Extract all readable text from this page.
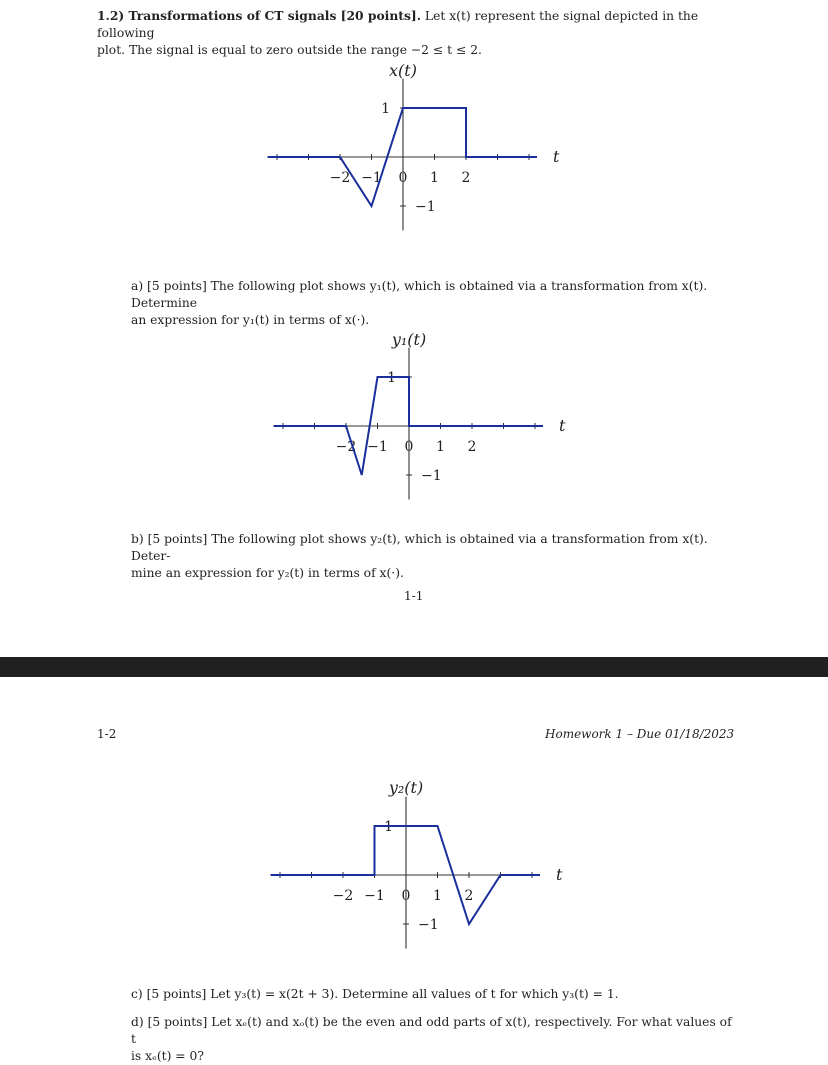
1.2) Transformations of CT signals [20 points]. Let x(t) represent the signal depicted in the following
plot. The signal is equal to zero outside the range −2 ≤ t ≤ 2.
a) [5 points] The following plot shows y₁(t), which is obtained via a transformation from x(t). Determine
an expression for y₁(t) in terms of x(·).
b) [5 points] The following plot shows y₂(t), which is obtained via a transformation from x(t). Deter-
mine an expression for y₂(t) in terms of x(·).
1-1
1-2	Homework 1 – Due 01/18/2023
c) [5 points] Let y₃(t) = x(2t + 3). Determine all values of t for which y₃(t) = 1.
d) [5 points] Let xₑ(t) and xₒ(t) be the even and odd parts of x(t), respectively. For what values of t
is xₑ(t) = 0?
−2 −1 0 1 2
1
−1
t
x(t)
−2 −1 0 1 2
1
−1
t
y₁(t)
−2 −1 0 1 2
1
−1
t
y₂(t)
